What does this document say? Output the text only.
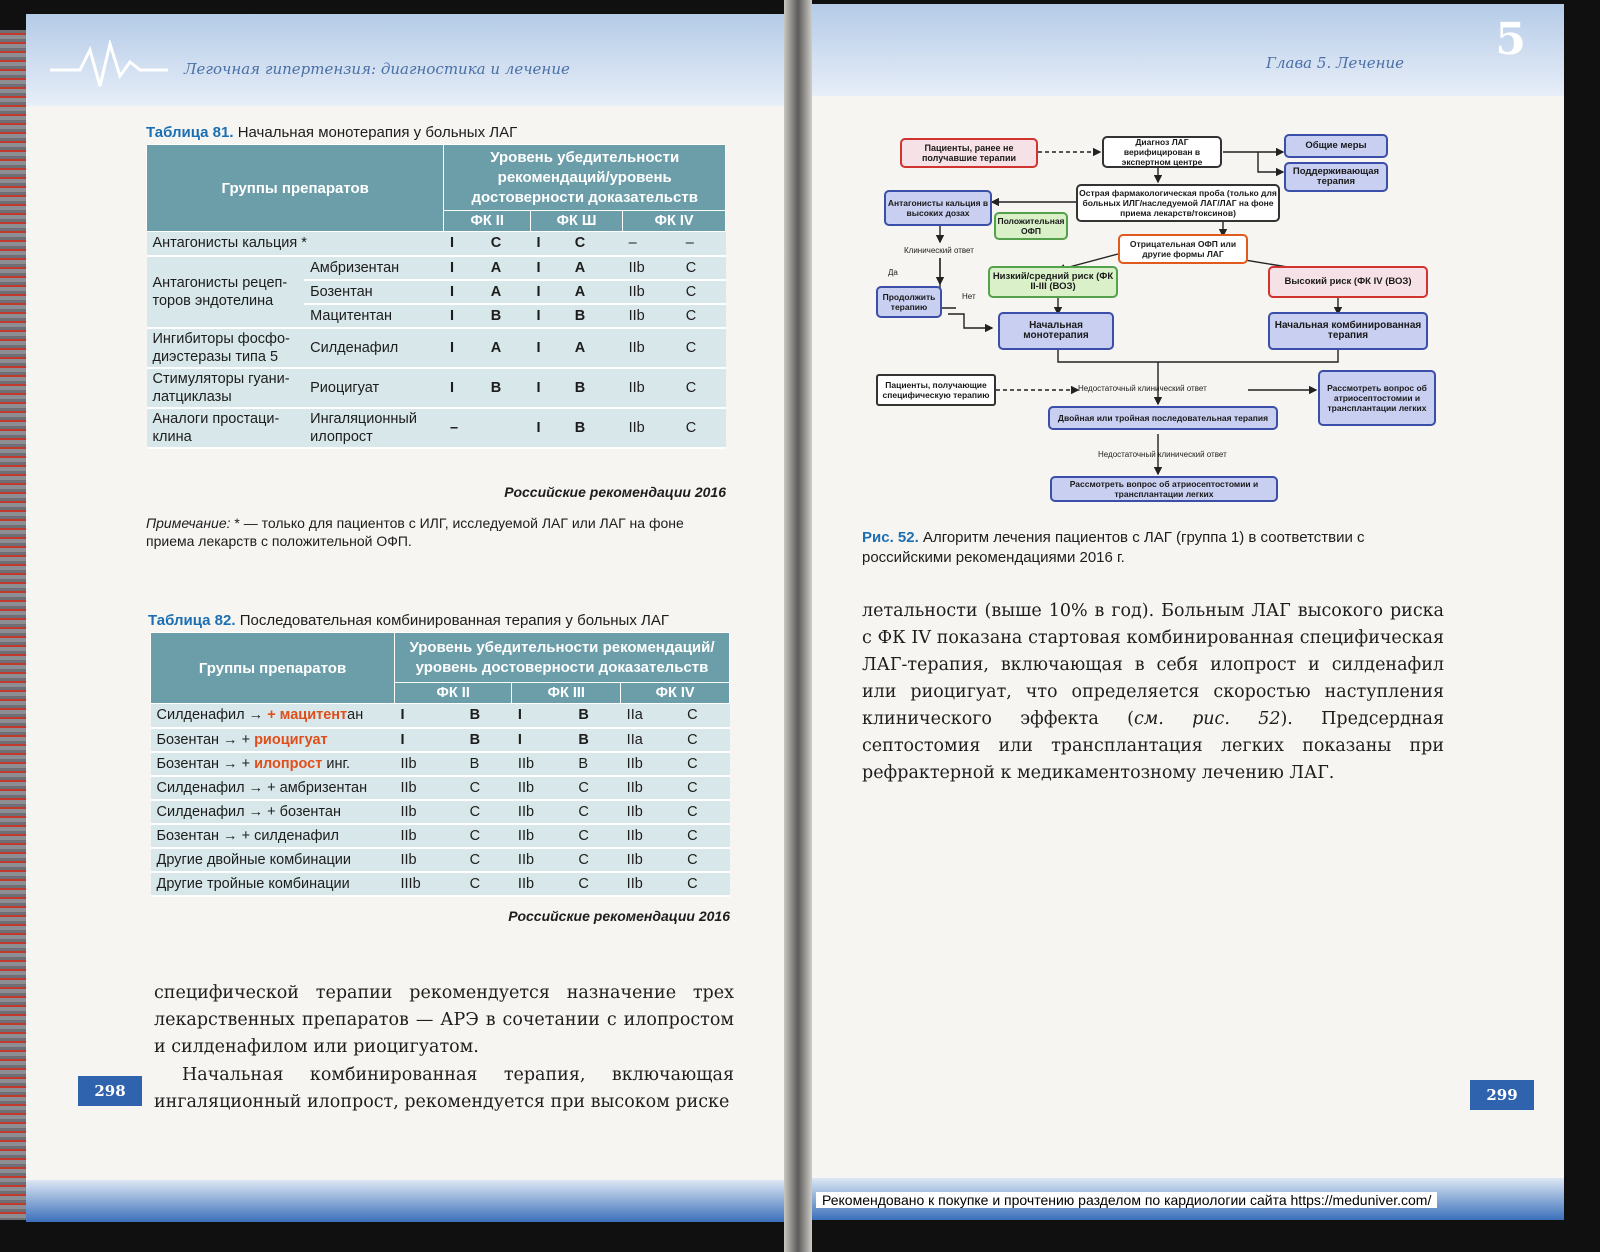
Легочная гипертензия: диагностика и лечение
Таблица 81. Начальная монотерапия у больных ЛАГ
Группы препаратов		Уровень убедительности рекомендаций/уровень достоверности доказательств					
		ФК II		ФК Ш		ФК IV	
Антагонисты кальция *		I	C	I	C	–	–
Антагонисты рецеп-торов эндотелина	Амбризентан	I	A	I	A	IIb	C
	Бозентан	I	A	I	A	IIb	C
	Мацитентан	I	B	I	B	IIb	C
Ингибиторы фосфо-диэстеразы типа 5	Силденафил	I	A	I	A	IIb	C
Стимуляторы гуани-латциклазы	Риоцигуат	I	B	I	B	IIb	C
Аналоги простаци-клина	Ингаляционный илопрост	–		I	B	IIb	C
Российские рекомендации 2016
Примечание: * — только для пациентов с ИЛГ, исследуемой ЛАГ или ЛАГ на фоне приема лекарств с положительной ОФП.
Таблица 82. Последовательная комбинированная терапия у больных ЛАГ
Группы препаратов	Уровень убедительности рекомендаций/уровень достоверности доказательств					
	ФК II		ФК III		ФК IV	
Силденафил → + мацитентан	I	B	I	B	IIa	C
Бозентан → + риоцигуат	I	B	I	B	IIa	C
Бозентан → + илопрост инг.	IIb	B	IIb	B	IIb	C
Силденафил → + амбризентан	IIb	C	IIb	C	IIb	C
Силденафил → + бозентан	IIb	C	IIb	C	IIb	C
Бозентан → + силденафил	IIb	C	IIb	C	IIb	C
Другие двойные комбинации	IIb	C	IIb	C	IIb	C
Другие тройные комбинации	IIIb	C	IIb	C	IIb	C
Российские рекомендации 2016
специфической терапии рекомендуется назначение трех лекарственных препаратов — АРЭ в сочетании с илопростом и силденафилом или риоцигуатом.
Начальная комбинированная терапия, включающая ингаляционный илопрост, рекомендуется при высоком риске
298
Глава 5. Лечение 5
Пациенты, ранее не получавшие терапии
Диагноз ЛАГ верифицирован в экспертном центре
Общие меры
Поддерживающая терапия
Антагонисты кальция в высоких дозах
Острая фармакологическая проба (только для больных ИЛГ/наследуемой ЛАГ/ЛАГ на фоне приема лекарств/токсинов)
Положительная ОФП
Отрицательная ОФП или другие формы ЛАГ
Клинический ответ
Да
Нет
Низкий/средний риск (ФК II-III (ВОЗ)	Высокий риск (ФК IV (ВОЗ)
Продолжить терапию
Начальная монотерапия
Начальная комбинированная терапия
Пациенты, получающие специфическую терапию
Недостаточный клинический ответ	Рассмотреть вопрос об атриосептостомии и трансплантации легких
Двойная или тройная последовательная терапия
Недостаточный клинический ответ
Рассмотреть вопрос об атриосептостомии и трансплантации легких
Рис. 52. Алгоритм лечения пациентов с ЛАГ (группа 1) в соответствии с российскими рекомендациями 2016 г.
летальности (выше 10% в год). Больным ЛАГ высокого риска с ФК IV показана стартовая комбинированная специфическая ЛАГ-терапия, включающая в себя илопрост и силденафил или риоцигуат, что определяется скоростью наступления клинического эффекта (см. рис. 52). Предсердная септостомия или трансплантация легких показаны при рефрактерной к медикаментозному лечению ЛАГ.
299
Рекомендовано к покупке и прочтению разделом по кардиологии сайта https://meduniver.com/
